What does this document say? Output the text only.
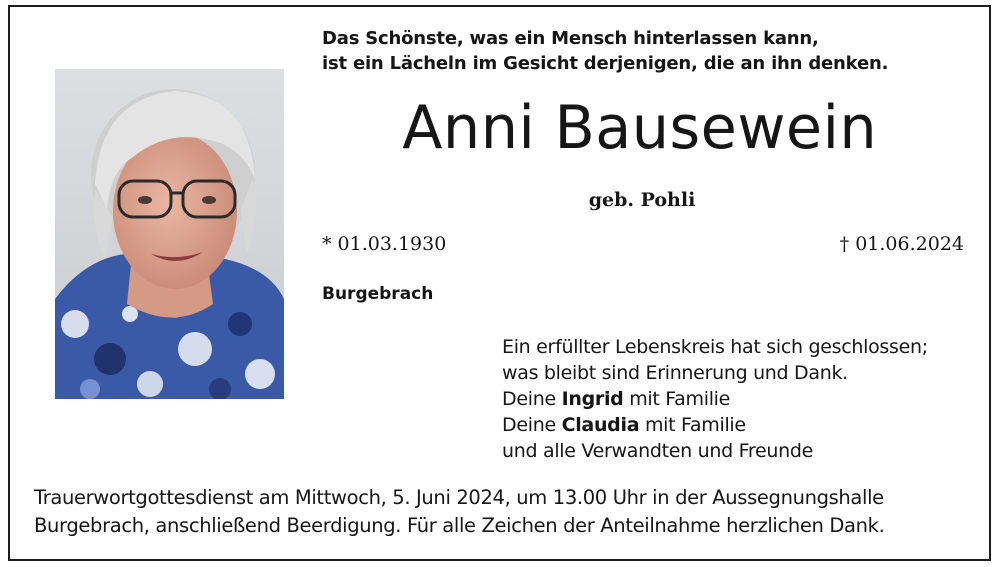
Das Schönste, was ein Mensch hinterlassen kann,
ist ein Lächeln im Gesicht derjenigen, die an ihn denken.
Anni Bausewein
geb. Pohli
* 01.03.1930	† 01.06.2024
Burgebrach
Ein erfüllter Lebenskreis hat sich geschlossen;
was bleibt sind Erinnerung und Dank.
Deine Ingrid mit Familie
Deine Claudia mit Familie
und alle Verwandten und Freunde
Trauerwortgottesdienst am Mittwoch, 5. Juni 2024, um 13.00 Uhr in der Aussegnungshalle
Burgebrach, anschließend Beerdigung. Für alle Zeichen der Anteilnahme herzlichen Dank.
